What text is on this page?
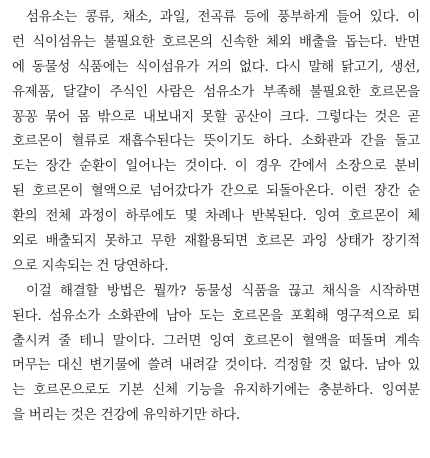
섬유소는 콩류, 채소, 과일, 전곡류 등에 풍부하게 들어 있다. 이
런 식이섬유는 불필요한 호르몬의 신속한 체외 배출을 돕는다. 반면
에 동물성 식품에는 식이섬유가 거의 없다. 다시 말해 닭고기, 생선,
유제품, 달걀이 주식인 사람은 섬유소가 부족해 불필요한 호르몬을
꽁꽁 묶어 몸 밖으로 내보내지 못할 공산이 크다. 그렇다는 것은 곧
호르몬이 혈류로 재흡수된다는 뜻이기도 하다. 소화관과 간을 돌고
도는 장간 순환이 일어나는 것이다. 이 경우 간에서 소장으로 분비
된 호르몬이 혈액으로 넘어갔다가 간으로 되돌아온다. 이런 장간 순
환의 전체 과정이 하루에도 몇 차례나 반복된다. 잉여 호르몬이 체
외로 배출되지 못하고 무한 재활용되면 호르몬 과잉 상태가 장기적
으로 지속되는 건 당연하다.
이걸 해결할 방법은 뭘까? 동물성 식품을 끊고 채식을 시작하면
된다. 섬유소가 소화관에 남아 도는 호르몬을 포획해 영구적으로 퇴
출시켜 줄 테니 말이다. 그러면 잉여 호르몬이 혈액을 떠돌며 계속
머무는 대신 변기물에 쓸려 내려갈 것이다. 걱정할 것 없다. 남아 있
는 호르몬으로도 기본 신체 기능을 유지하기에는 충분하다. 잉여분
을 버리는 것은 건강에 유익하기만 하다.
